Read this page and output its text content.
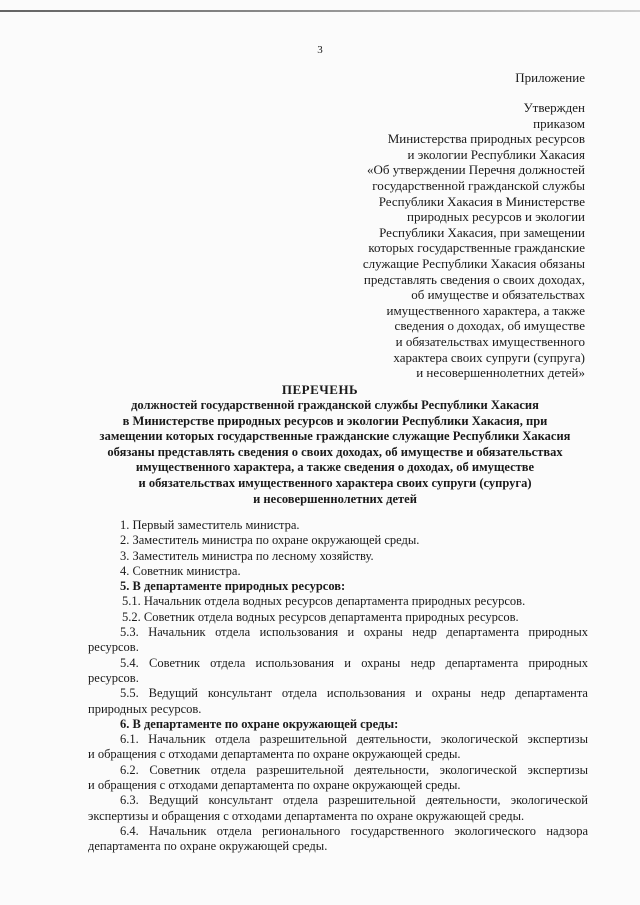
3
Приложение
Утвержден
приказом
Министерства природных ресурсов
и экологии Республики Хакасия
«Об утверждении Перечня должностей
государственной гражданской службы
Республики Хакасия в Министерстве
природных ресурсов и экологии
Республики Хакасия, при замещении
которых государственные гражданские
служащие Республики Хакасия обязаны
представлять сведения о своих доходах,
об имуществе и обязательствах
имущественного характера, а также
сведения о доходах, об имуществе
и обязательствах имущественного
характера своих супруги (супруга)
и несовершеннолетних детей»
ПЕРЕЧЕНЬ
должностей государственной гражданской службы Республики Хакасия
в Министерстве природных ресурсов и экологии Республики Хакасия, при
замещении которых государственные гражданские служащие Республики Хакасия
обязаны представлять сведения о своих доходах, об имуществе и обязательствах
имущественного характера, а также сведения о доходах, об имуществе
и обязательствах имущественного характера своих супруги (супруга)
и несовершеннолетних детей
1. Первый заместитель министра.
2. Заместитель министра по охране окружающей среды.
3. Заместитель министра по лесному хозяйству.
4. Советник министра.
5. В департаменте природных ресурсов:
5.1. Начальник отдела водных ресурсов департамента природных ресурсов.
5.2. Советник отдела водных ресурсов департамента природных ресурсов.
5.3. Начальник отдела использования и охраны недр департамента природных
ресурсов.
5.4. Советник отдела использования и охраны недр департамента природных
ресурсов.
5.5. Ведущий консультант отдела использования и охраны недр департамента
природных ресурсов.
6. В департаменте по охране окружающей среды:
6.1. Начальник отдела разрешительной деятельности, экологической экспертизы
и обращения с отходами департамента по охране окружающей среды.
6.2. Советник отдела разрешительной деятельности, экологической экспертизы
и обращения с отходами департамента по охране окружающей среды.
6.3. Ведущий консультант отдела разрешительной деятельности, экологической
экспертизы и обращения с отходами департамента по охране окружающей среды.
6.4. Начальник отдела регионального государственного экологического надзора
департамента по охране окружающей среды.
